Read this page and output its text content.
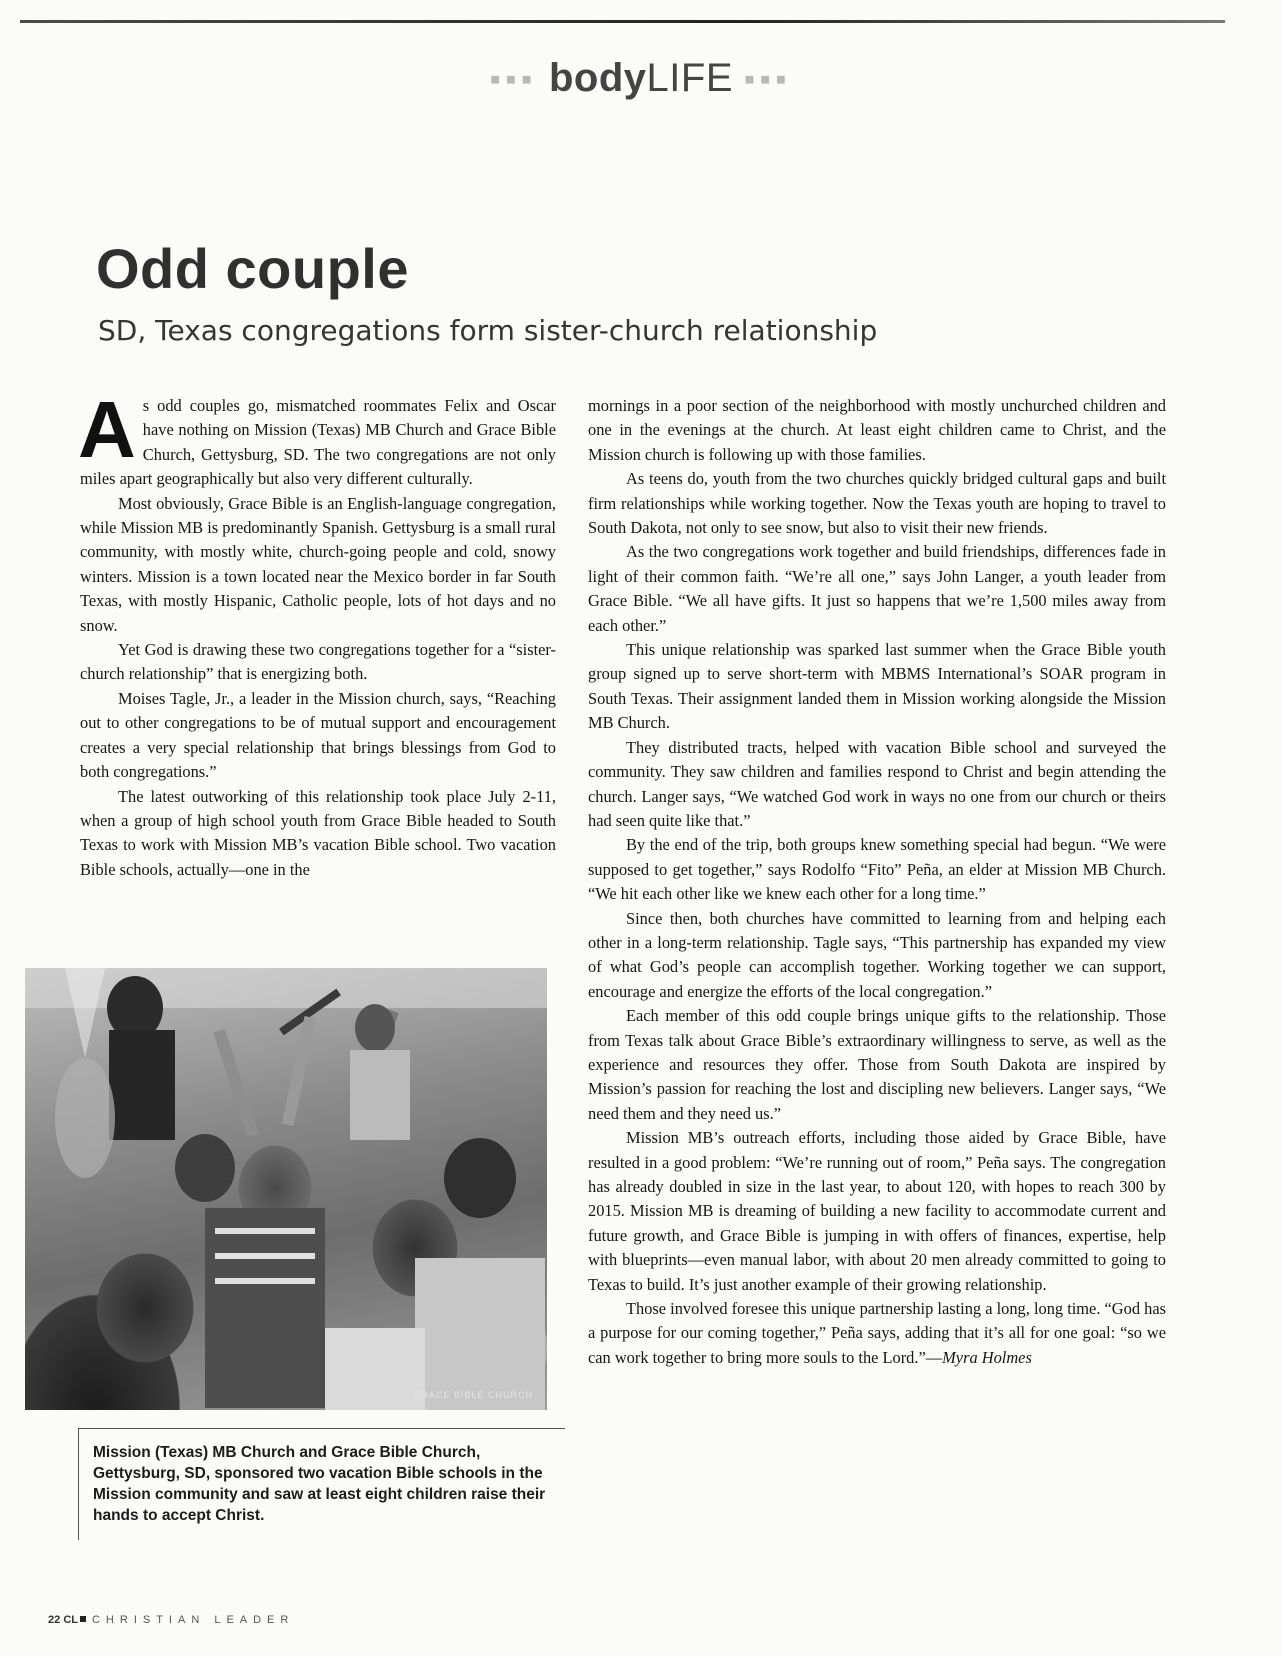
■■■ bodyLIFE ■■■
Odd couple
SD, Texas congregations form sister-church relationship

As odd couples go, mismatched roommates Felix and Oscar have nothing on Mission (Texas) MB Church and Grace Bible Church, Gettysburg, SD. The two congregations are not only miles apart geographically but also very different culturally.

Most obviously, Grace Bible is an English-language congregation, while Mission MB is predominantly Spanish. Gettysburg is a small rural community, with mostly white, church-going people and cold, snowy winters. Mission is a town located near the Mexico border in far South Texas, with mostly Hispanic, Catholic people, lots of hot days and no snow.

Yet God is drawing these two congregations together for a “sister-church relationship” that is energizing both.

Moises Tagle, Jr., a leader in the Mission church, says, “Reaching out to other congregations to be of mutual support and encouragement creates a very special relationship that brings blessings from God to both congregations.”

The latest outworking of this relationship took place July 2-11, when a group of high school youth from Grace Bible headed to South Texas to work with Mission MB’s vacation Bible school. Two vacation Bible schools, actually—one in the

GRACE BIBLE CHURCH

Mission (Texas) MB Church and Grace Bible Church, Gettysburg, SD, sponsored two vacation Bible schools in the Mission community and saw at least eight children raise their hands to accept Christ.

mornings in a poor section of the neighborhood with mostly unchurched children and one in the evenings at the church. At least eight children came to Christ, and the Mission church is following up with those families.

As teens do, youth from the two churches quickly bridged cultural gaps and built firm relationships while working together. Now the Texas youth are hoping to travel to South Dakota, not only to see snow, but also to visit their new friends.

As the two congregations work together and build friendships, differences fade in light of their common faith. “We’re all one,” says John Langer, a youth leader from Grace Bible. “We all have gifts. It just so happens that we’re 1,500 miles away from each other.”

This unique relationship was sparked last summer when the Grace Bible youth group signed up to serve short-term with MBMS International’s SOAR program in South Texas. Their assignment landed them in Mission working alongside the Mission MB Church.

They distributed tracts, helped with vacation Bible school and surveyed the community. They saw children and families respond to Christ and begin attending the church. Langer says, “We watched God work in ways no one from our church or theirs had seen quite like that.”

By the end of the trip, both groups knew something special had begun. “We were supposed to get together,” says Rodolfo “Fito” Peña, an elder at Mission MB Church. “We hit each other like we knew each other for a long time.”

Since then, both churches have committed to learning from and helping each other in a long-term relationship. Tagle says, “This partnership has expanded my view of what God’s people can accomplish together. Working together we can support, encourage and energize the efforts of the local congregation.”

Each member of this odd couple brings unique gifts to the relationship. Those from Texas talk about Grace Bible’s extraordinary willingness to serve, as well as the experience and resources they offer. Those from South Dakota are inspired by Mission’s passion for reaching the lost and discipling new believers. Langer says, “We need them and they need us.”

Mission MB’s outreach efforts, including those aided by Grace Bible, have resulted in a good problem: “We’re running out of room,” Peña says. The congregation has already doubled in size in the last year, to about 120, with hopes to reach 300 by 2015. Mission MB is dreaming of building a new facility to accommodate current and future growth, and Grace Bible is jumping in with offers of finances, expertise, help with blueprints—even manual labor, with about 20 men already committed to going to Texas to build. It’s just another example of their growing relationship.

Those involved foresee this unique partnership lasting a long, long time. “God has a purpose for our coming together,” Peña says, adding that it’s all for one goal: “so we can work together to bring more souls to the Lord.”—Myra Holmes

22 CL CHRISTIAN LEADER
